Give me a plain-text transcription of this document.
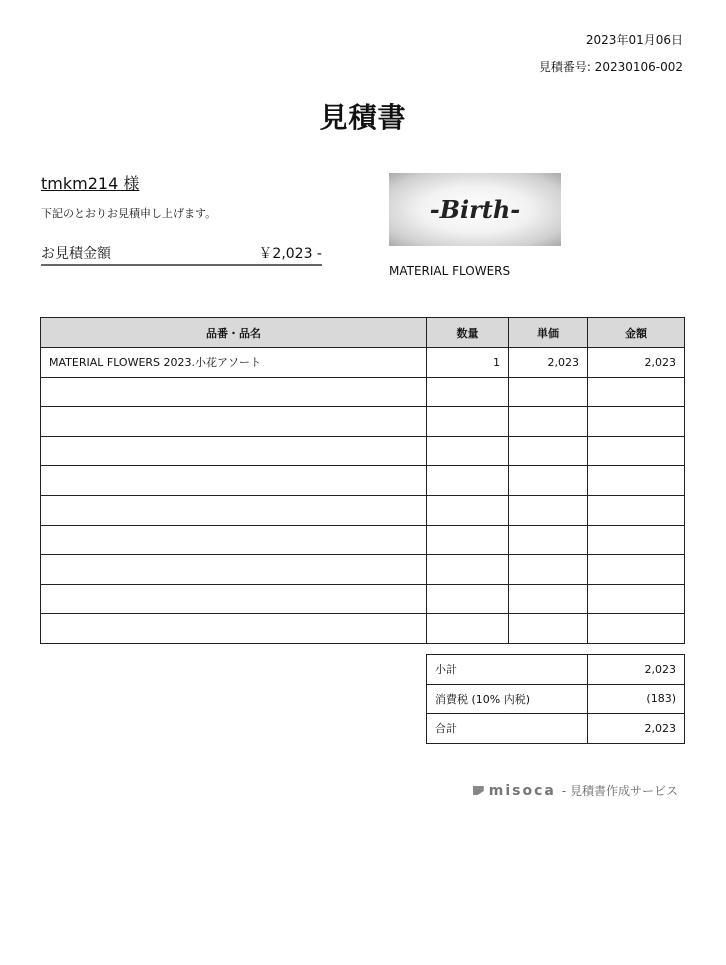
2023年01月06日
見積番号: 20230106-002
見積書
tmkm214 様
下記のとおりお見積申し上げます。
お見積金額	￥2,023 -
-Birth-
MATERIAL FLOWERS
品番・品名	数量	単価	金額
MATERIAL FLOWERS 2023.小花アソート	1	2,023	2,023

小計	2,023
消費税 (10% 内税)	(183)
合計	2,023
misoca - 見積書作成サービス
